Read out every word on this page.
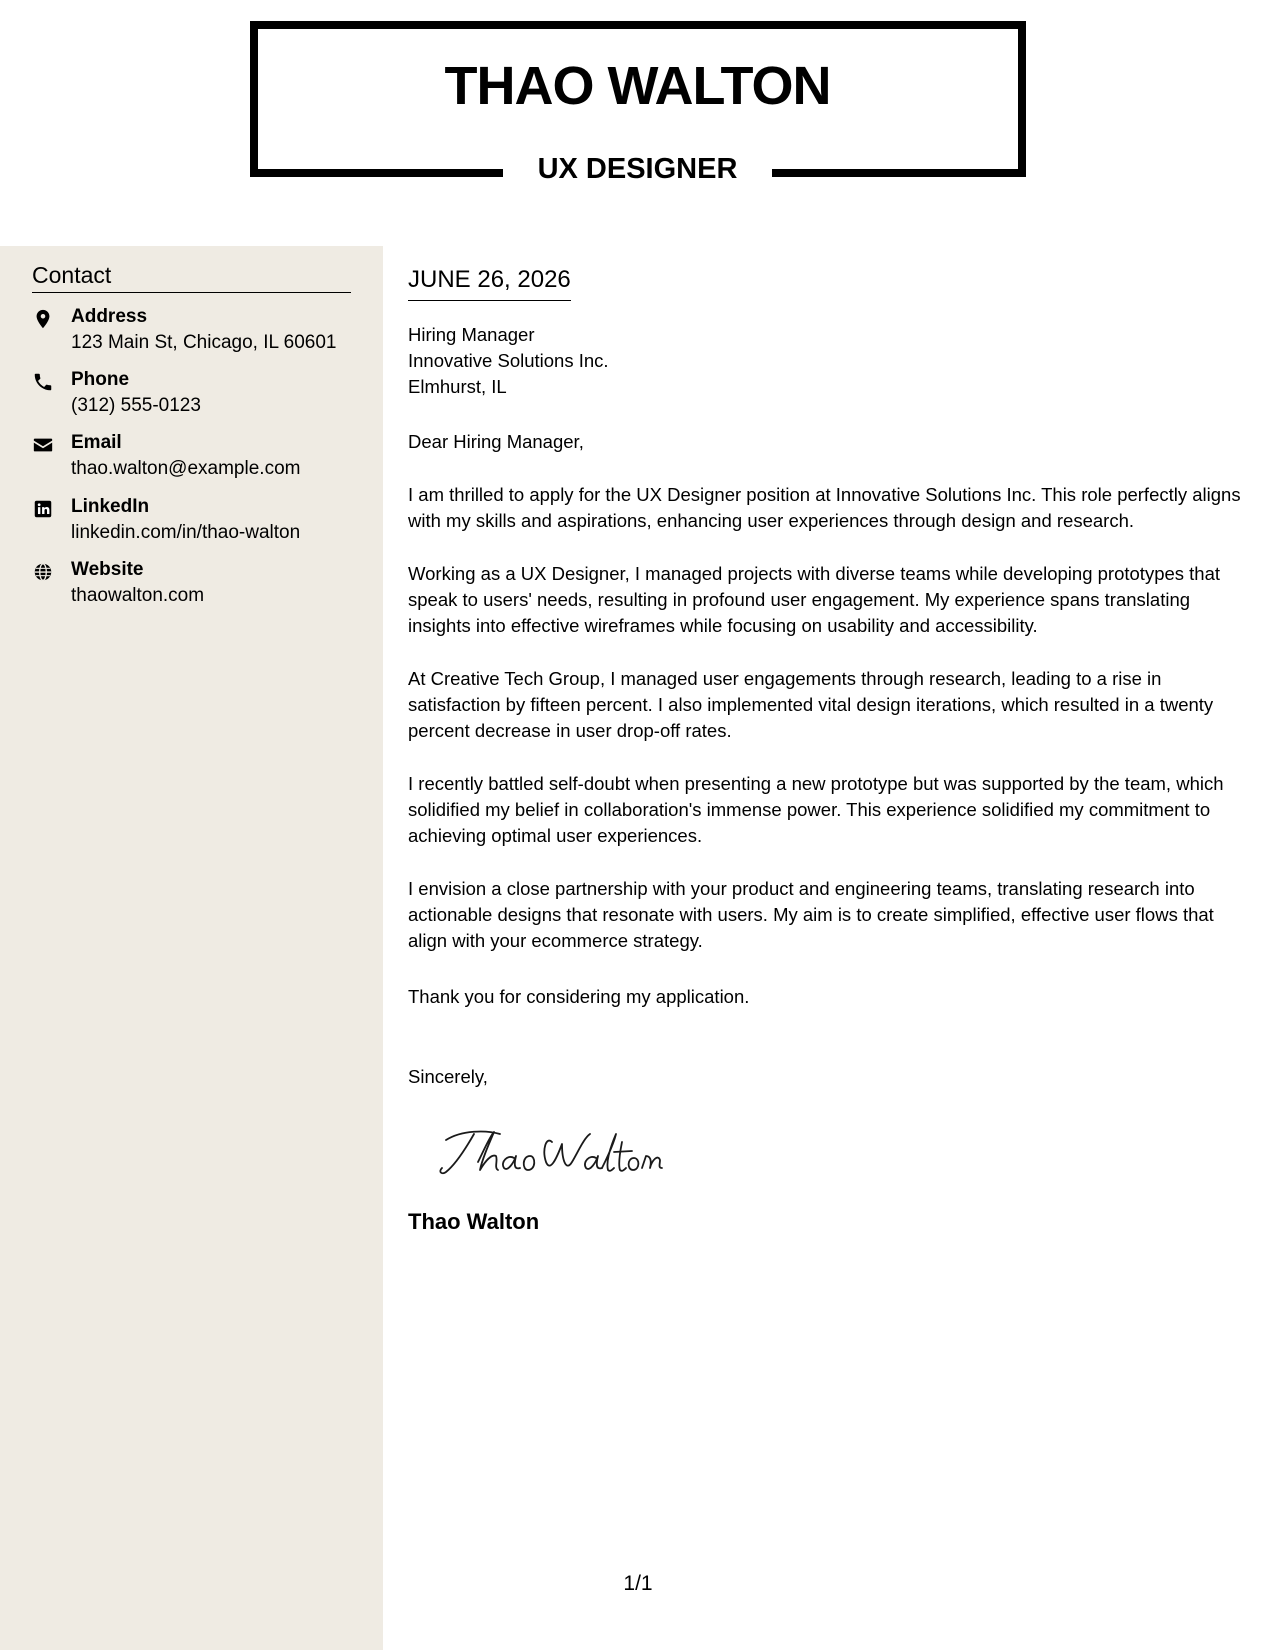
THAO WALTON
UX DESIGNER
Contact
Address
123 Main St, Chicago, IL 60601
Phone
(312) 555-0123
Email
thao.walton@example.com
LinkedIn
linkedin.com/in/thao-walton
Website
thaowalton.com
JUNE 26, 2026
Hiring Manager
Innovative Solutions Inc.
Elmhurst, IL

Dear Hiring Manager,

I am thrilled to apply for the UX Designer position at Innovative Solutions Inc. This role perfectly aligns with my skills and aspirations, enhancing user experiences through design and research.

Working as a UX Designer, I managed projects with diverse teams while developing prototypes that speak to users' needs, resulting in profound user engagement. My experience spans translating insights into effective wireframes while focusing on usability and accessibility.

At Creative Tech Group, I managed user engagements through research, leading to a rise in satisfaction by fifteen percent. I also implemented vital design iterations, which resulted in a twenty percent decrease in user drop-off rates.

I recently battled self-doubt when presenting a new prototype but was supported by the team, which solidified my belief in collaboration's immense power. This experience solidified my commitment to achieving optimal user experiences.

I envision a close partnership with your product and engineering teams, translating research into actionable designs that resonate with users. My aim is to create simplified, effective user flows that align with your ecommerce strategy.

Thank you for considering my application.

Sincerely,

Thao Walton
1/1
